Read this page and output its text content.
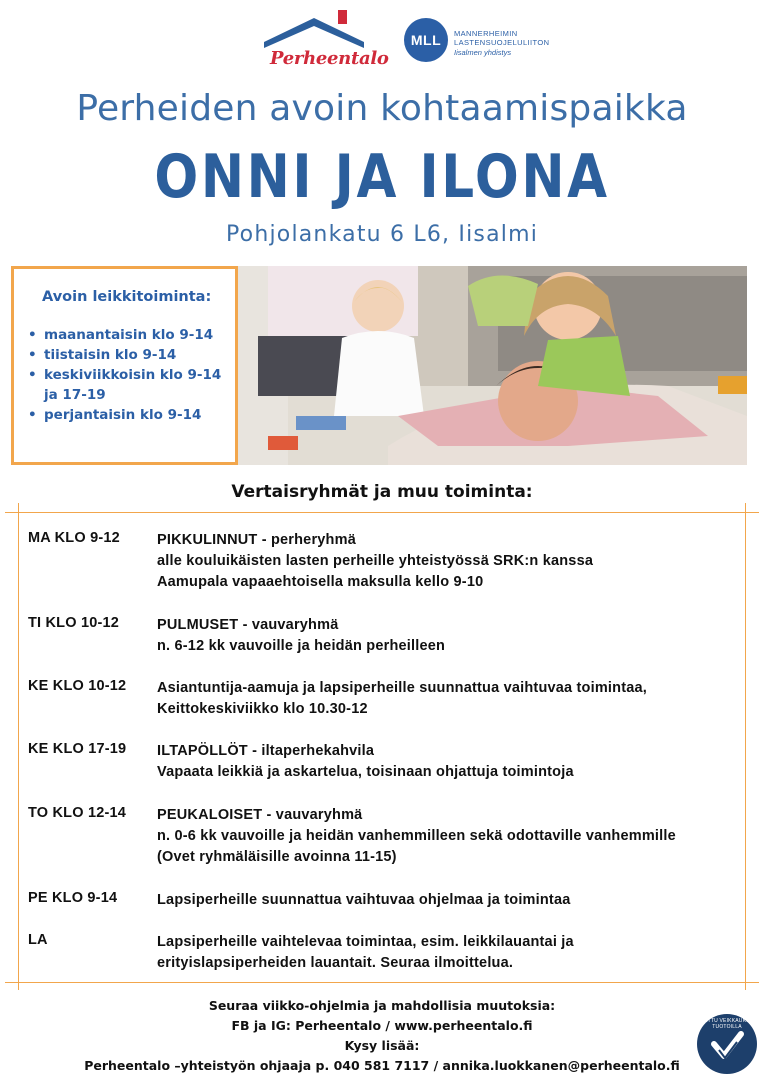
Perheentalo
MLL	MANNERHEIMIN
LASTENSUOJELULIITON
Iisalmen yhdistys
Perheiden avoin kohtaamispaikka
ONNI JA ILONA
Pohjolankatu 6 L6, Iisalmi
Avoin leikkitoiminta:
• maanantaisin klo 9-14
• tiistaisin klo 9-14
• keskiviikkoisin klo 9-14 ja 17-19
• perjantaisin klo 9-14
Vertaisryhmät ja muu toiminta:
MA KLO 9-12	PIKKULINNUT - perheryhmä
alle kouluikäisten lasten perheille yhteistyössä SRK:n kanssa
Aamupala vapaaehtoisella maksulla kello 9-10
TI KLO 10-12	PULMUSET - vauvaryhmä
n. 6-12 kk vauvoille ja heidän perheilleen
KE KLO 10-12 Asiantuntija-aamuja ja lapsiperheille suunnattua vaihtuvaa toimintaa,
Keittokeskiviikko klo 10.30-12
KE KLO 17-19 ILTAPÖLLÖT - iltaperhekahvila
Vapaata leikkiä ja askartelua, toisinaan ohjattuja toimintoja
TO KLO 12-14 PEUKALOISET - vauvaryhmä
n. 0-6 kk vauvoille ja heidän vanhemmilleen sekä odottaville vanhemmille
(Ovet ryhmäläisille avoinna 11-15)
PE KLO 9-14	Lapsiperheille suunnattua vaihtuvaa ohjelmaa ja toimintaa
LA	Lapsiperheille vaihtelevaa toimintaa, esim. leikkilauantai ja
erityislapsiperheiden lauantait. Seuraa ilmoittelua.
Seuraa viikko-ohjelmia ja mahdollisia muutoksia:
FB ja IG: Perheentalo / www.perheentalo.fi
Kysy lisää:
Perheentalo –yhteistyön ohjaaja p. 040 581 7117 / annika.luokkanen@perheentalo.fi
TUETTU VEIKKAUKSEN TUOTOILLA
